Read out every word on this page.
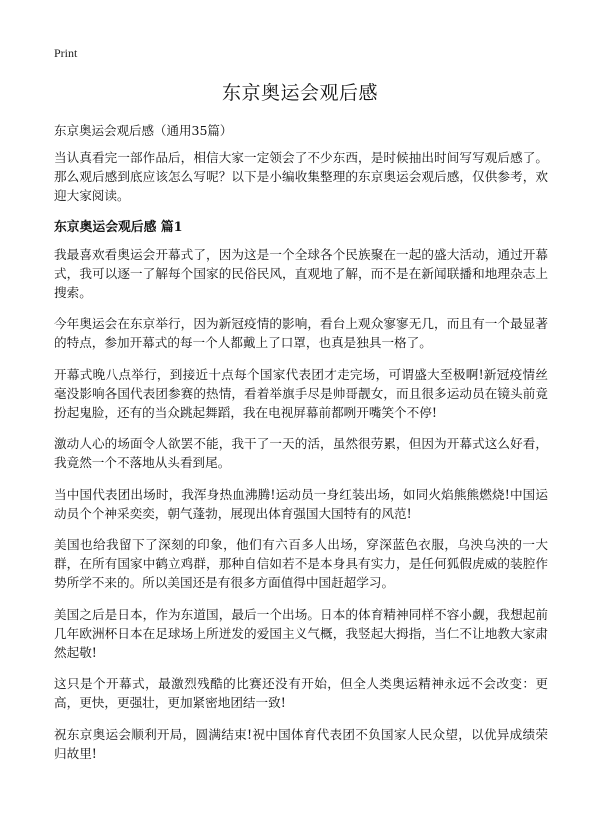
Print
东京奥运会观后感
东京奥运会观后感（通用35篇）

当认真看完一部作品后，相信大家一定领会了不少东西，是时候抽出时间写写观后感了。那么观后感到底应该怎么写呢？以下是小编收集整理的东京奥运会观后感，仅供参考，欢迎大家阅读。

东京奥运会观后感 篇1

我最喜欢看奥运会开幕式了，因为这是一个全球各个民族聚在一起的盛大活动，通过开幕式，我可以逐一了解每个国家的民俗民风，直观地了解，而不是在新闻联播和地理杂志上搜索。

今年奥运会在东京举行，因为新冠疫情的影响，看台上观众寥寥无几，而且有一个最显著的特点，参加开幕式的每一个人都戴上了口罩，也真是独具一格了。

开幕式晚八点举行，到接近十点每个国家代表团才走完场，可谓盛大至极啊!新冠疫情丝毫没影响各国代表团参赛的热情，看着举旗手尽是帅哥靓女，而且很多运动员在镜头前竟扮起鬼脸，还有的当众跳起舞蹈，我在电视屏幕前都咧开嘴笑个不停!

激动人心的场面令人欲罢不能，我干了一天的活，虽然很劳累，但因为开幕式这么好看，我竟然一个不落地从头看到尾。

当中国代表团出场时，我浑身热血沸腾!运动员一身红装出场，如同火焰熊熊燃烧!中国运动员个个神采奕奕，朝气蓬勃，展现出体育强国大国特有的风范!

美国也给我留下了深刻的印象，他们有六百多人出场，穿深蓝色衣服，乌泱乌泱的一大群，在所有国家中鹤立鸡群，那种自信如若不是本身具有实力，是任何狐假虎威的装腔作势所学不来的。所以美国还是有很多方面值得中国赶超学习。

美国之后是日本，作为东道国，最后一个出场。日本的体育精神同样不容小觑，我想起前几年欧洲杯日本在足球场上所迸发的爱国主义气概，我竖起大拇指，当仁不让地教大家肃然起敬!

这只是个开幕式，最激烈残酷的比赛还没有开始，但全人类奥运精神永远不会改变：更高，更快，更强壮，更加紧密地团结一致!

祝东京奥运会顺利开局，圆满结束!祝中国体育代表团不负国家人民众望，以优异成绩荣归故里!
